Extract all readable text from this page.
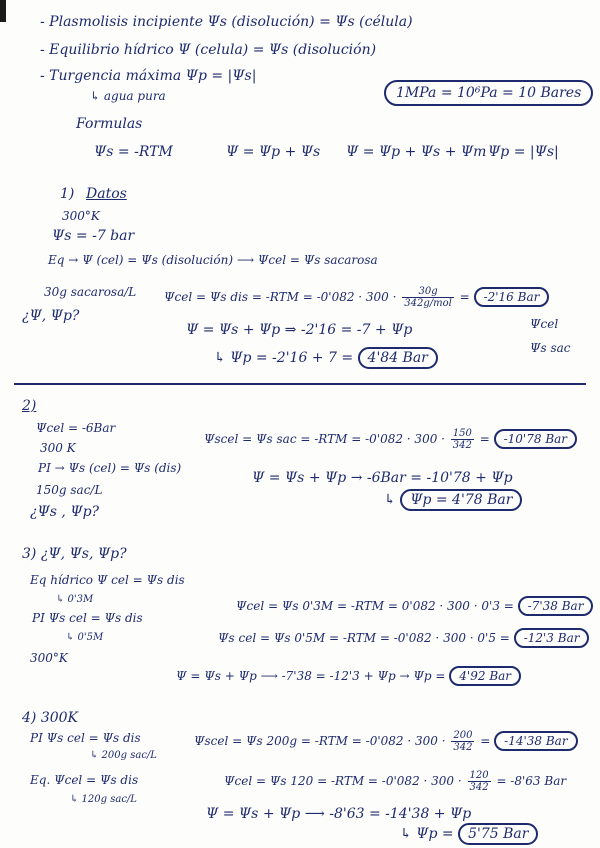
- Plasmolisis incipiente Ψs (disolución) = Ψs (célula)
- Equilibrio hídrico Ψ (celula) = Ψs (disolución)
- Turgencia máxima Ψp = |Ψs|
↳ agua pura	1MPa = 10⁶Pa = 10 Bares
Formulas
Ψs = -RTM	Ψ = Ψp + Ψs Ψ = Ψp + Ψs + Ψm Ψp = |Ψs|
1) Datos
300°K
Ψs = -7 bar
Eq → Ψ (cel) = Ψs (disolución) ⟶ Ψcel = Ψs sacarosa
30g sacarosa/L Ψcel = Ψs dis = $-RTM = -0'082 \cdot 300 \cdot \frac{30g}{\text{342g/mol}} = -2'16$ Bar
¿Ψ, Ψp?	Ψcel
Ψs sac
Ψ = Ψs + Ψp ⇒ -2'16 = -7 + Ψp
↳ Ψp = -2'16 + 7 = 4'84 Bar
2)
Ψcel = -6Bar
300 K
PI → Ψs (cel) = Ψs (dis)
150g sac/L
¿Ψs , Ψp?
Ψscel = Ψs sac = $-RTM = -0'082 \cdot 300 \cdot \frac{150}{342} = -10'78$ Bar
Ψ = Ψs + Ψp → -6Bar = -10'78 + Ψp
↳ Ψp = 4'78 Bar
3) ¿Ψ, Ψs, Ψp?
Eq hídrico Ψ cel = Ψs dis
↳ 0'3M
PI Ψs cel = Ψs dis
↳ 0'5M
300°K
Ψcel = Ψs 0'3M = -RTM = 0'082 · 300 · 0'3 = -7'38 Bar
Ψs cel = Ψs 0'5M = -RTM = -0'082 · 300 · 0'5 = -12'3 Bar
Ψ = Ψs + Ψp ⟶ -7'38 = -12'3 + Ψp → Ψp = 4'92 Bar
4) 300K
PI Ψs cel = Ψs dis
↳ 200g sac/L
Ψscel = Ψs $200g = -RTM = -0'082 \cdot 300 \cdot \frac{200}{342} = -14'38$ Bar
Eq. Ψcel = Ψs dis
↳ 120g sac/L
Ψcel = Ψs $120 = -RTM = -0'082 \cdot 300 \cdot \frac{120}{342} = -8'63$ Bar
Ψ = Ψs + Ψp ⟶ -8'63 = -14'38 + Ψp
↳ Ψp = 5'75 Bar
